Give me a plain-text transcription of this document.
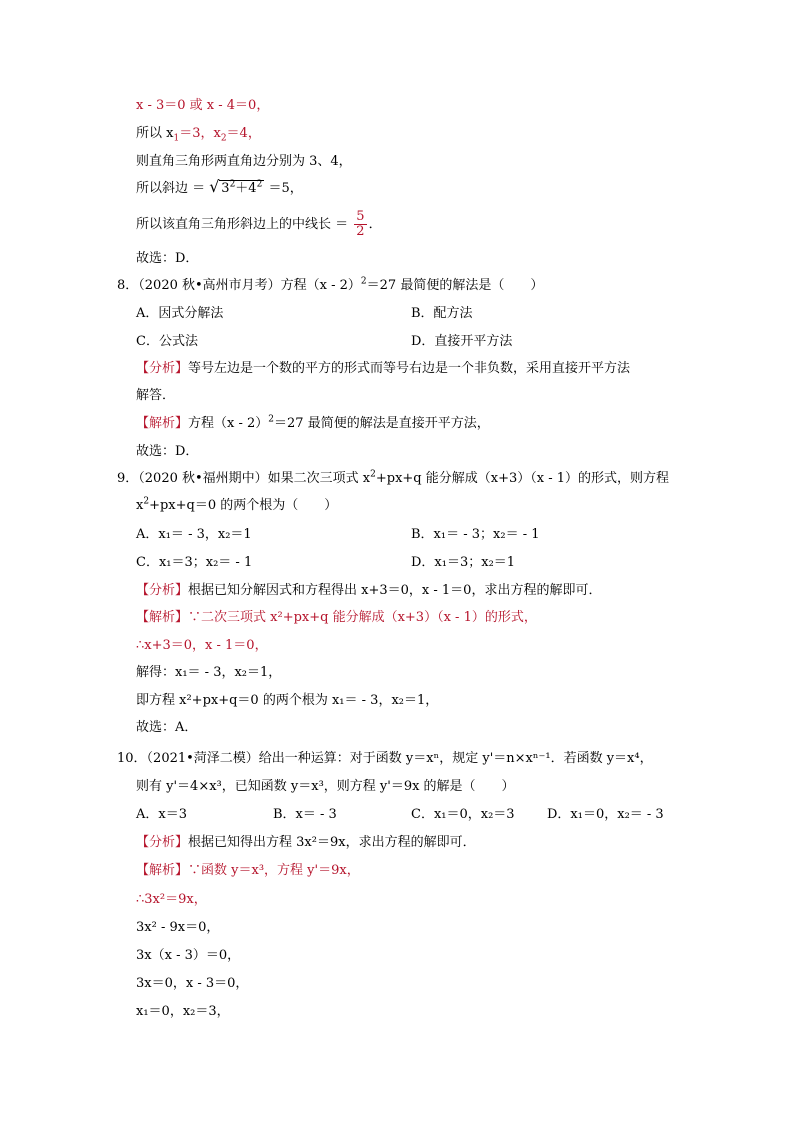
x - 3＝0 或 x - 4＝0，
所以 $x_1=3$，$x_2=4$，
则直角三角形两直角边分别为 3、4，
所以斜边 ＝ √ $3^2+4^2 =5$，
所以该直角三角形斜边上的中线长 ＝ $\frac{5}{2}$ ．
故选：D．
8．（2020 秋•高州市月考）方程（x - 2）$^2$＝27 最简便的解法是（　　）
A．因式分解法	B．配方法
C．公式法	D．直接开平方法
【分析】等号左边是一个数的平方的形式而等号右边是一个非负数，采用直接开平方法
解答．
【解析】方程（x - 2）$^2$＝27 最简便的解法是直接开平方法，
故选：D．
9．（2020 秋•福州期中）如果二次三项式 $x^2+px+q$ 能分解成（x+3）（x - 1）的形式，则方程
$x^2+px+q=0$ 的两个根为（　　）
A．x₁＝ - 3，x₂＝1	B．x₁＝ - 3；x₂＝ - 1
C．x₁＝3；x₂＝ - 1	D．x₁＝3；x₂＝1
【分析】根据已知分解因式和方程得出 x+3＝0，x - 1＝0，求出方程的解即可．
【解析】∵二次三项式 x²+px+q 能分解成（x+3）（x - 1）的形式，
∴x+3＝0，x - 1＝0，
解得：x₁＝ - 3，x₂＝1，
即方程 x²+px+q＝0 的两个根为 x₁＝ - 3，x₂＝1，
故选：A．
10．（2021•菏泽二模）给出一种运算：对于函数 y＝xⁿ，规定 y'＝n×xⁿ⁻¹．若函数 y＝x⁴，
则有 y'＝4×x³，已知函数 y＝x³，则方程 y'＝9x 的解是（　　）
A．x＝3	B．x＝ - 3	C．x₁＝0，x₂＝3 D．x₁＝0，x₂＝ - 3
【分析】根据已知得出方程 3x²＝9x，求出方程的解即可．
【解析】∵函数 y＝x³，方程 y'＝9x，
∴3x²＝9x，
3x² - 9x＝0，
3x（x - 3）＝0，
3x＝0，x - 3＝0，
x₁＝0，x₂＝3，
